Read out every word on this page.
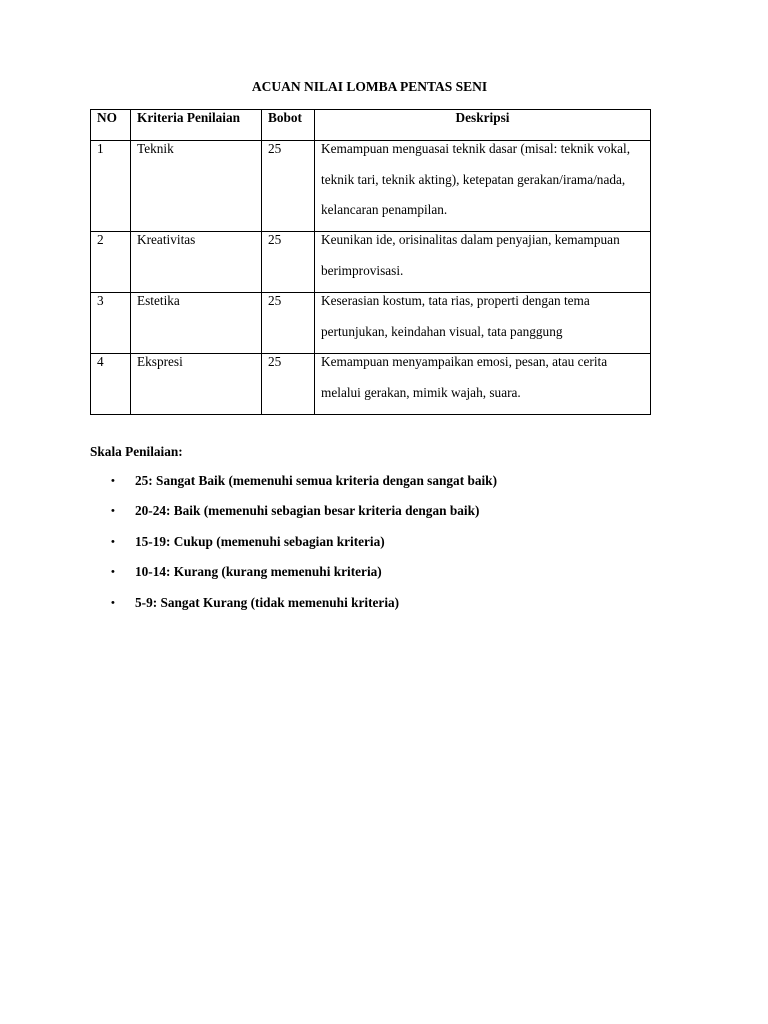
ACUAN NILAI LOMBA PENTAS SENI
NO	Kriteria Penilaian	Bobot	Deskripsi

1	Teknik	25	Kemampuan menguasai teknik dasar (misal: teknik vokal, teknik tari, teknik akting), ketepatan gerakan/irama/nada, kelancaran penampilan.

2	Kreativitas	25	Keunikan ide, orisinalitas dalam penyajian, kemampuan berimprovisasi.

3	Estetika	25	Keserasian kostum, tata rias, properti dengan tema pertunjukan, keindahan visual, tata panggung

4	Ekspresi	25	Kemampuan menyampaikan emosi, pesan, atau cerita melalui gerakan, mimik wajah, suara.
Skala Penilaian:
• 25: Sangat Baik (memenuhi semua kriteria dengan sangat baik)
• 20-24: Baik (memenuhi sebagian besar kriteria dengan baik)
• 15-19: Cukup (memenuhi sebagian kriteria)
• 10-14: Kurang (kurang memenuhi kriteria)
• 5-9: Sangat Kurang (tidak memenuhi kriteria)
